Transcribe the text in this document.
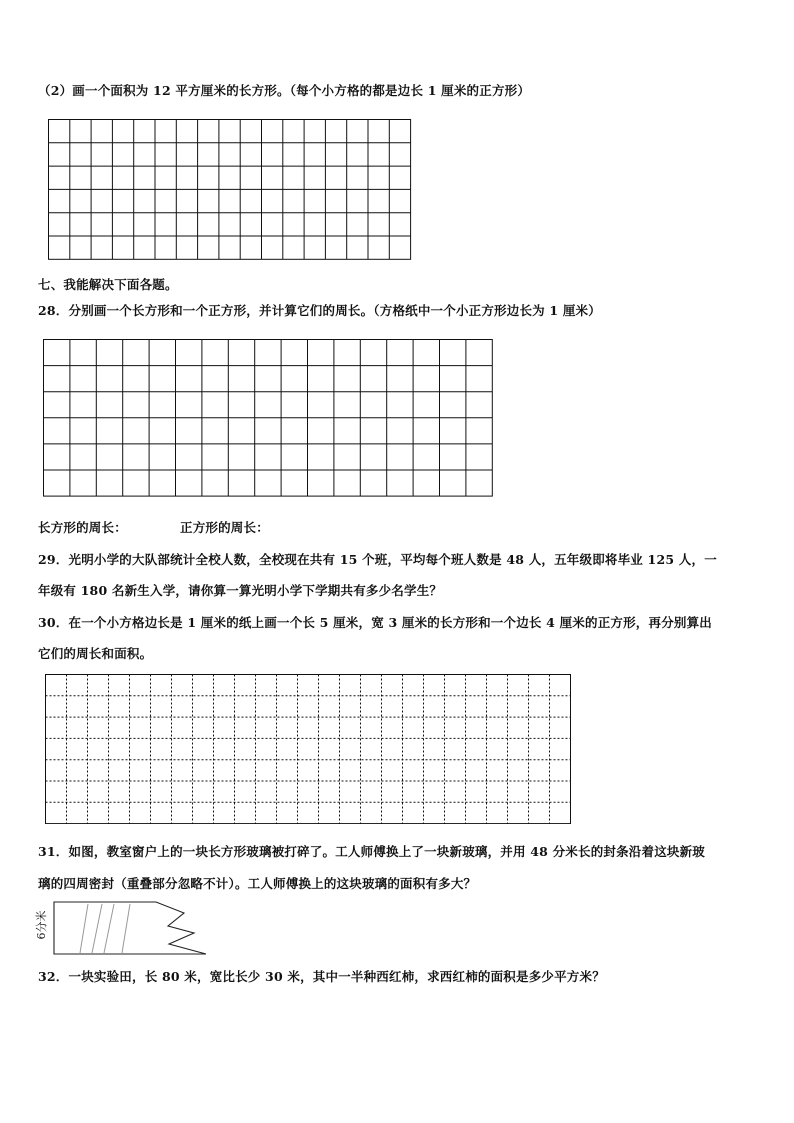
（2）画一个面积为 12 平方厘米的长方形。（每个小方格的都是边长 1 厘米的正方形）
七、我能解决下面各题。
28．分别画一个长方形和一个正方形，并计算它们的周长。（方格纸中一个小正方形边长为 1 厘米）
长方形的周长：	正方形的周长：
29．光明小学的大队部统计全校人数，全校现在共有 15 个班，平均每个班人数是 48 人，五年级即将毕业 125 人，一
年级有 180 名新生入学，请你算一算光明小学下学期共有多少名学生？
30．在一个小方格边长是 1 厘米的纸上画一个长 5 厘米，宽 3 厘米的长方形和一个边长 4 厘米的正方形，再分别算出
它们的周长和面积。
31．如图，教室窗户上的一块长方形玻璃被打碎了。工人师傅换上了一块新玻璃，并用 48 分米长的封条沿着这块新玻
璃的四周密封（重叠部分忽略不计）。工人师傅换上的这块玻璃的面积有多大？
6分米
32．一块实验田，长 80 米，宽比长少 30 米，其中一半种西红柿，求西红柿的面积是多少平方米？
